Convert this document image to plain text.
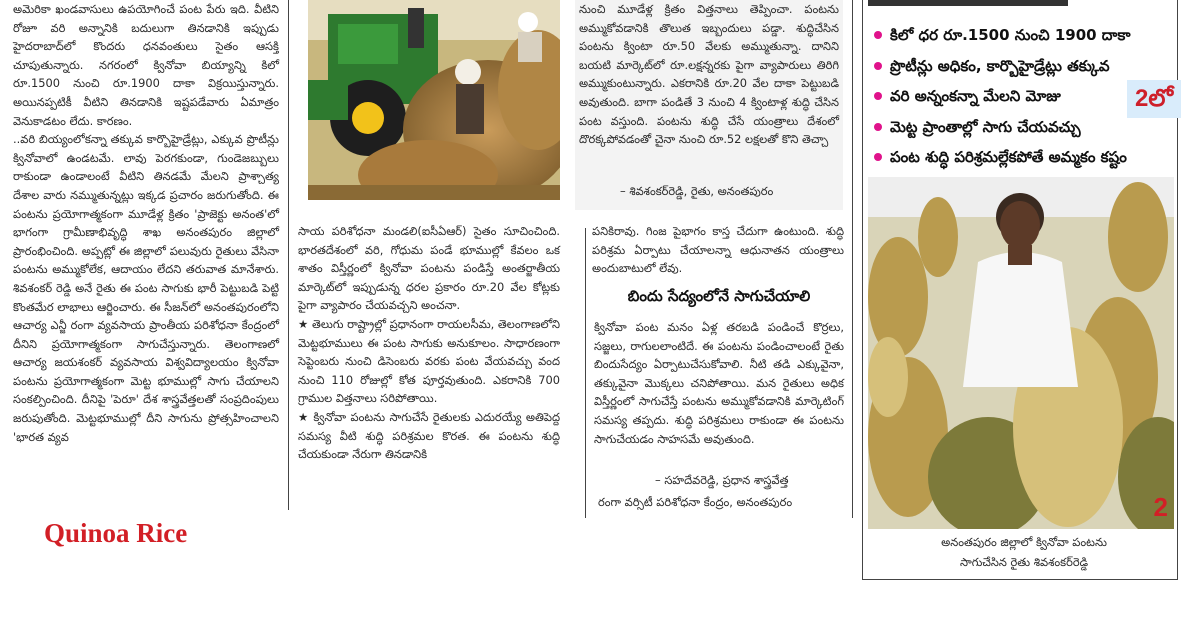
అమెరికా ఖండవాసులు ఉపయోగించే పంట పేరు ఇది. వీటిని రోజూ వరి అన్నానికి బదులుగా తినడానికి ఇప్పుడు హైదరాబాద్‌లో కొందరు ధనవంతులు సైతం ఆసక్తి చూపుతున్నారు. నగరంలో క్వినోవా బియ్యాన్ని కిలో రూ.1500 నుంచి రూ.1900 దాకా విక్రయిస్తున్నారు. అయినప్పటికీ వీటిని తినడానికి ఇష్టపడేవారు ఏమాత్రం వెనుకాడటం లేదు. కారణం.

..వరి బియ్యంలోకన్నా తక్కువ కార్బొహైడ్రేట్లు, ఎక్కువ ప్రొటీన్లు క్వినోవాలో ఉండటమే. లావు పెరగకుండా, గుండెజబ్బులు రాకుండా ఉండాలంటే వీటిని తినడమే మేలని ప్రాశ్చాత్య దేశాల వారు నమ్ముతున్నట్లు ఇక్కడ ప్రచారం జరుగుతోంది. ఈ పంటను ప్రయోగాత్మకంగా మూడేళ్ల క్రితం 'ప్రాజెక్టు అనంత'లో భాగంగా గ్రామీణాభివృద్ధి శాఖ అనంతపురం జిల్లాలో ప్రారంభించింది. అప్పట్లో ఈ జిల్లాలో పలువురు రైతులు వేసినా పంటను అమ్ముకోలేక, ఆదాయం లేదని తరువాత మానేశారు. శివశంకర్ రెడ్డి అనే రైతు ఈ పంట సాగుకు భారీ పెట్టుబడి పెట్టి కొంతమేర లాభాలు ఆర్జించారు. ఈ సీజన్‌లో అనంతపురంలోని ఆచార్య ఎన్జీ రంగా వ్యవసాయ ప్రాంతీయ పరిశోధనా కేంద్రంలో దీనిని ప్రయోగాత్మకంగా సాగుచేస్తున్నారు. తెలంగాణలో ఆచార్య జయశంకర్ వ్యవసాయ విశ్వవిద్యాలయం క్వినోవా పంటను ప్రయోగాత్మకంగా మెట్ట భూముల్లో సాగు చేయాలని సంకల్పించింది. దీనిపై 'పెరూ' దేశ శాస్త్రవేత్తలతో సంప్రదింపులు జరుపుతోంది. మెట్టభూముల్లో దీని సాగును ప్రోత్సహించాలని 'భారత వ్యవ

Quinoa Rice

సాయ పరిశోధనా మండలి(ఐసీఏఆర్) సైతం సూచించింది. భారతదేశంలో వరి, గోధుమ పండే భూముల్లో కేవలం ఒక శాతం విస్తీర్ణంలో క్వినోవా పంటను పండిస్తే అంతర్జాతీయ మార్కెట్‌లో ఇప్పుడున్న ధరల ప్రకారం రూ.20 వేల కోట్లకు పైగా వ్యాపారం చేయవచ్చని అంచనా.

★ తెలుగు రాష్ట్రాల్లో ప్రధానంగా రాయలసీమ, తెలంగాణలోని మెట్టభూములు ఈ పంట సాగుకు అనుకూలం. సాధారణంగా సెప్టెంబరు నుంచి డిసెంబరు వరకు పంట వేయవచ్చు వంద నుంచి 110 రోజుల్లో కోత పూర్తవుతుంది. ఎకరానికి 700 గ్రాముల విత్తనాలు సరిపోతాయి.

★ క్వినోవా పంటను సాగుచేసే రైతులకు ఎదురయ్యే అతిపెద్ద సమస్య వీటి శుద్ధి పరిశ్రమల కొరత. ఈ పంటను శుద్ధి చేయకుండా నేరుగా తినడానికి

నుంచి మూడేళ్ల క్రితం విత్తనాలు తెప్పించా. పంటను అమ్ముకోవడానికి తొలుత ఇబ్బందులు పడ్డా. శుద్ధిచేసిన పంటను క్వింటా రూ.50 వేలకు అమ్ముతున్నా. దానిని బయటి మార్కెట్‌లో రూ.లక్షన్నరకు పైగా వ్యాపారులు తిరిగి అమ్ముకుంటున్నారు. ఎకరానికి రూ.20 వేల దాకా పెట్టుబడి అవుతుంది. బాగా పండితే 3 నుంచి 4 క్వింటాళ్ల శుద్ధి చేసిన పంట వస్తుంది. పంటను శుద్ధి చేసే యంత్రాలు దేశంలో దొరక్కపోవడంతో చైనా నుంచి రూ.52 లక్షలతో కొని తెచ్చా

– శివశంకర్‌రెడ్డి, రైతు, అనంతపురం

పనికిరావు. గింజ పైభాగం కాస్త చేదుగా ఉంటుంది. శుద్ధి పరిశ్రమ ఏర్పాటు చేయాలన్నా ఆధునాతన యంత్రాలు అందుబాటులో లేవు.

బిందు సేద్యంలోనే సాగుచేయాలి

క్వినోవా పంట మనం ఏళ్ల తరబడి పండించే కొర్రలు, సజ్జలు, రాగులలాంటిదే. ఈ పంటను పండించాలంటే రైతు బిందుసేద్యం ఏర్పాటుచేసుకోవాలి. నీటి తడి ఎక్కువైనా, తక్కువైనా మొక్కలు చనిపోతాయి. మన రైతులు అధిక విస్తీర్ణంలో సాగుచేస్తే పంటను అమ్ముకోవడానికి మార్కెటింగ్ సమస్య తప్పదు. శుద్ధి పరిశ్రమలు రాకుండా ఈ పంటను సాగుచేయడం సాహసమే అవుతుంది.

– సహదేవరెడ్డి, ప్రధాన శాస్త్రవేత్త
రంగా వర్సిటీ పరిశోధనా కేంద్రం, అనంతపురం
కిలో ధర రూ.1500 నుంచి 1900 దాకా
ప్రొటీన్లు అధికం, కార్బొహైడ్రేట్లు తక్కువ
వరి అన్నంకన్నా మేలని మోజు
మెట్ట ప్రాంతాల్లో సాగు చేయవచ్చు
పంట శుద్ధి పరిశ్రమల్లేకపోతే అమ్మకం కష్టం
2లో
2

అనంతపురం జిల్లాలో క్వినోవా పంటను

సాగుచేసిన రైతు శివశంకర్‌రెడ్డి
